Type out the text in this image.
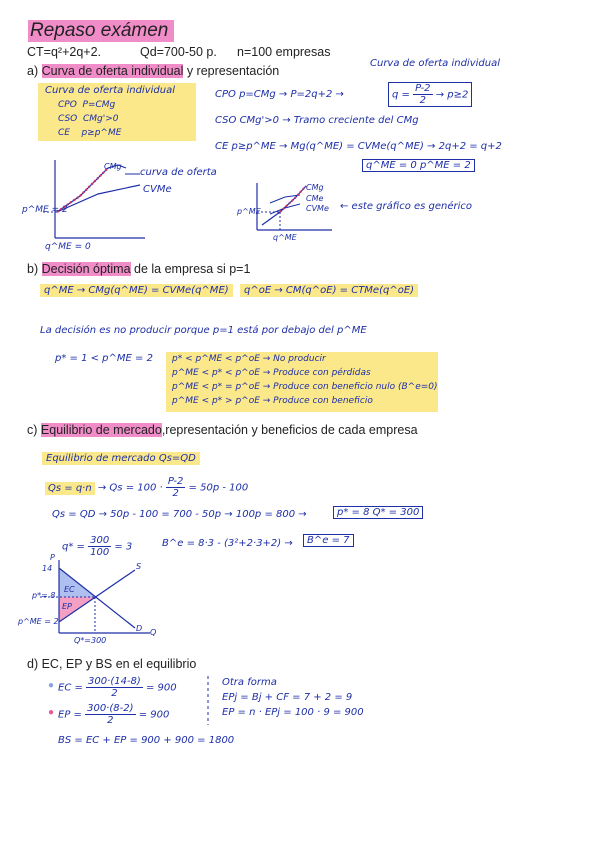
Repaso exámen
CT=q²+2q+2.	Qd=700-50 p. n=100 empresas
a) Curva de oferta individual y representación
Curva de oferta individual
CPO P=CMg
CSO CMg'>0
CE p≥p^ME
Curva de oferta individual
CPO p=CMg → P=2q+2 →	$q = \frac{P-2}{2} \to p\ge 2$
CSO CMg'>0 → Tramo creciente del CMg
CE p≥p^ME → Mg(q^ME) = CVMe(q^ME) → 2q+2 = q+2
q^ME = 0 p^ME = 2
CMg
curva de oferta
CVMe
p^ME = 2
q^ME = 0
CMg
CMe
CVMe
p^ME
q^ME
← este gráfico es genérico
b) Decisión óptima de la empresa si p=1
q^ME → CMg(q^ME) = CVMe(q^ME)	q^oE → CM(q^oE) = CTMe(q^oE)
La decisión es no producir porque p=1 está por debajo del p^ME
p* = 1 < p^ME = 2 p* < p^ME < p^oE → No producir
p^ME < p* < p^oE → Produce con pérdidas
p^ME < p* = p^oE → Produce con beneficio nulo (B^e=0)
p^ME < p* > p^oE → Produce con beneficio
c) Equilibrio de mercado,representación y beneficios de cada empresa
Equilibrio de mercado Qs=QD
$Qs = q\cdot n \to Qs = 100 \cdot \frac{P-2}{2} = 50p - 100$
Qs = QD → 50p - 100 = 700 - 50p → 100p = 800 →	p* = 8 Q* = 300
$q* = \frac{300}{100} = 3$	B^e = 8·3 - (3²+2·3+2) →	B^e = 7
P
14	S
EC
p*= 8
EP
p^ME = 2
D Q
Q*=300
d) EC, EP y BS en el equilibrio
● EC = $\frac{300\cdot(14-8)}{2} = 900$
● EP = $\frac{300\cdot(8-2)}{2} = 900$
BS = EC + EP = 900 + 900 = 1800
Otra forma
EPj = Bj + CF = 7 + 2 = 9
EP = n · EPj = 100 · 9 = 900
